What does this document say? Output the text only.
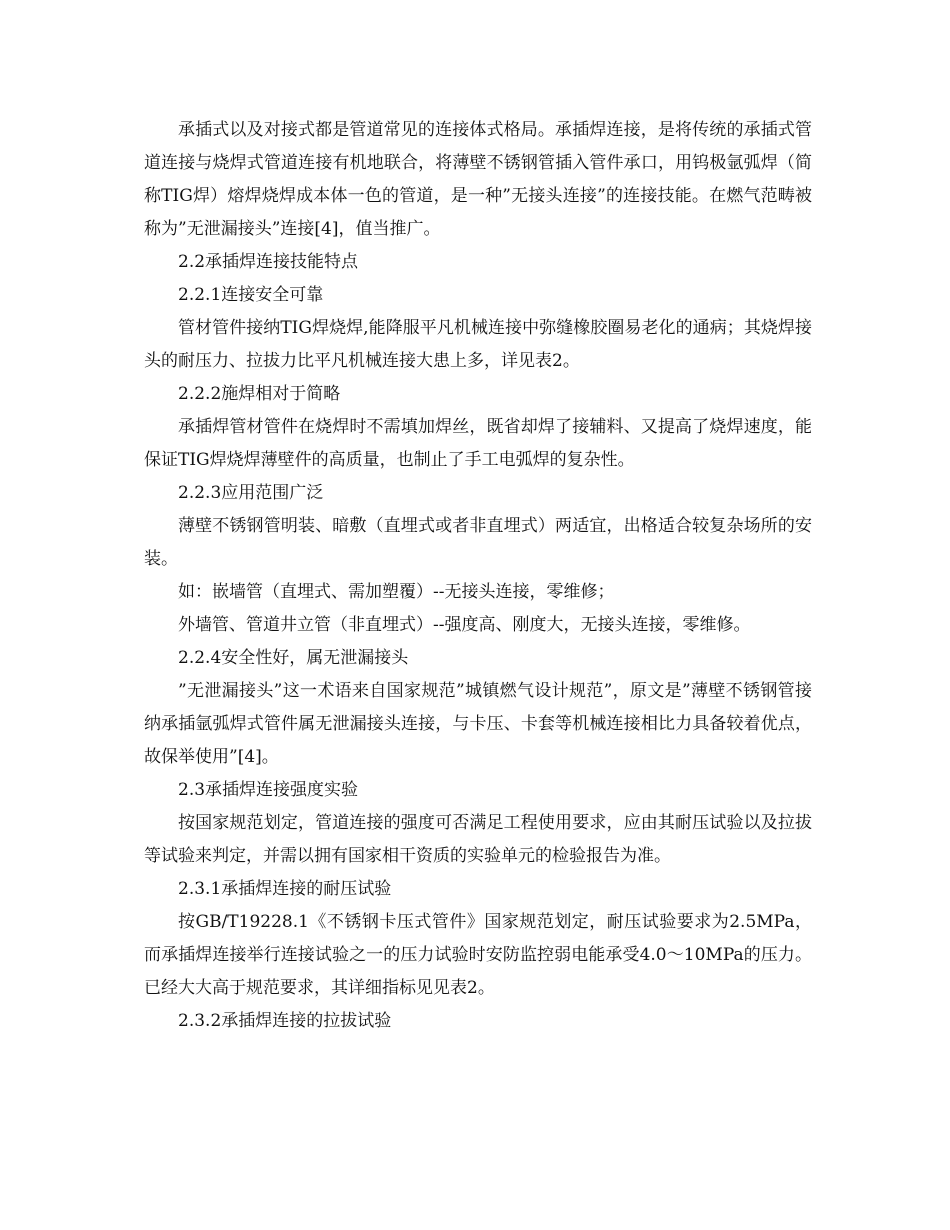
承插式以及对接式都是管道常见的连接体式格局。承插焊连接，是将传统的承插式管道连接与烧焊式管道连接有机地联合，将薄壁不锈钢管插入管件承口，用钨极氩弧焊（简称TIG焊）熔焊烧焊成本体一色的管道，是一种”无接头连接”的连接技能。在燃气范畴被称为”无泄漏接头”连接[4]，值当推广。

2.2承插焊连接技能特点

2.2.1连接安全可靠

管材管件接纳TIG焊烧焊,能降服平凡机械连接中弥缝橡胶圈易老化的通病；其烧焊接头的耐压力、拉拔力比平凡机械连接大患上多，详见表2。

2.2.2施焊相对于简略

承插焊管材管件在烧焊时不需填加焊丝，既省却焊了接辅料、又提高了烧焊速度，能保证TIG焊烧焊薄壁件的高质量，也制止了手工电弧焊的复杂性。

2.2.3应用范围广泛

薄壁不锈钢管明装、暗敷（直埋式或者非直埋式）两适宜，出格适合较复杂场所的安装。

如：嵌墙管（直埋式、需加塑覆）--无接头连接，零维修；

外墙管、管道井立管（非直埋式）--强度高、刚度大，无接头连接，零维修。

2.2.4安全性好，属无泄漏接头

”无泄漏接头”这一术语来自国家规范”城镇燃气设计规范”，原文是”薄壁不锈钢管接纳承插氩弧焊式管件属无泄漏接头连接，与卡压、卡套等机械连接相比力具备较着优点，故保举使用”[4]。

2.3承插焊连接强度实验

按国家规范划定，管道连接的强度可否满足工程使用要求，应由其耐压试验以及拉拔等试验来判定，并需以拥有国家相干资质的实验单元的检验报告为准。

2.3.1承插焊连接的耐压试验

按GB/T19228.1《不锈钢卡压式管件》国家规范划定，耐压试验要求为2.5MPa，而承插焊连接举行连接试验之一的压力试验时安防监控弱电能承受4.0～10MPa的压力。已经大大高于规范要求，其详细指标见见表2。

2.3.2承插焊连接的拉拔试验
